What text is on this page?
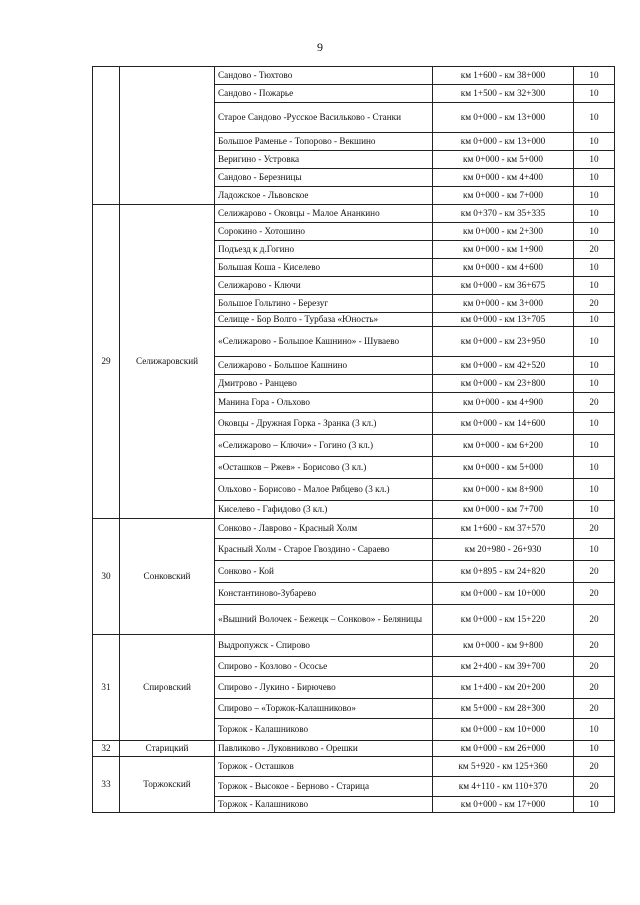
9
		Сандово - Тюхтово	км 1+600 - км 38+000	10
		Сандово - Пожарье	км 1+500 - км 32+300	10
		Старое Сандово -Русское Васильково - Станки	км 0+000 - км 13+000	10
		Большое Раменье - Топорово - Векшино	км 0+000 - км 13+000	10
		Веригино - Устровка	км 0+000 - км 5+000	10
		Сандово - Березницы	км 0+000 - км 4+400	10
		Ладожское - Львовское	км 0+000 - км 7+000	10
29	Селижаровский	Селижарово - Оковцы - Малое Ананкино	км 0+370 - км 35+335	10
		Сорокино - Хотошино	км 0+000 - км 2+300	10
		Подъезд к д.Гогино	км 0+000 - км 1+900	20
		Большая Коша - Киселево	км 0+000 - км 4+600	10
		Селижарово - Ключи	км 0+000 - км 36+675	10
		Большое Гольтино - Березуг	км 0+000 - км 3+000	20
		Селище - Бор Волго - Турбаза «Юность»	км 0+000 - км 13+705	10
		«Селижарово - Большое Кашнино» - Шуваево	км 0+000 - км 23+950	10
		Селижарово - Большое Кашнино	км 0+000 - км 42+520	10
		Дмитрово - Ранцево	км 0+000 - км 23+800	10
		Манина Гора - Ольхово	км 0+000 - км 4+900	20
		Оковцы - Дружная Горка - Зранка (3 кл.)	км 0+000 - км 14+600	10
		«Селижарово – Ключи» - Гогино (3 кл.)	км 0+000 - км 6+200	10
		«Осташков – Ржев» - Борисово (3 кл.)	км 0+000 - км 5+000	10
		Ольхово - Борисово - Малое Рябцево (3 кл.)	км 0+000 - км 8+900	10
		Киселево - Гафидово (3 кл.)	км 0+000 - км 7+700	10
30	Сонковский	Сонково - Лаврово - Красный Холм	км 1+600 - км 37+570	20
		Красный Холм - Старое Гвоздино - Сараево	км 20+980 - 26+930	10
		Сонково - Кой	км 0+895 - км 24+820	20
		Константиново-Зубарево	км 0+000 - км 10+000	20
		«Вышний Волочек - Бежецк – Сонково» - Беляницы	км 0+000 - км 15+220	20
31	Спировский	Выдропужск - Спирово	км 0+000 - км 9+800	20
		Спирово - Козлово - Ососье	км 2+400 - км 39+700	20
		Спирово - Лукино - Бирючево	км 1+400 - км 20+200	20
		Спирово – «Торжок-Калашниково»	км 5+000 - км 28+300	20
		Торжок - Калашниково	км 0+000 - км 10+000	10
32	Старицкий	Павликово - Луковниково - Орешки	км 0+000 - км 26+000	10
33	Торжокский	Торжок - Осташков	км 5+920 - км 125+360	20
		Торжок - Высокое - Берново - Старица	км 4+110 - км 110+370	20
		Торжок - Калашниково	км 0+000 - км 17+000	10
